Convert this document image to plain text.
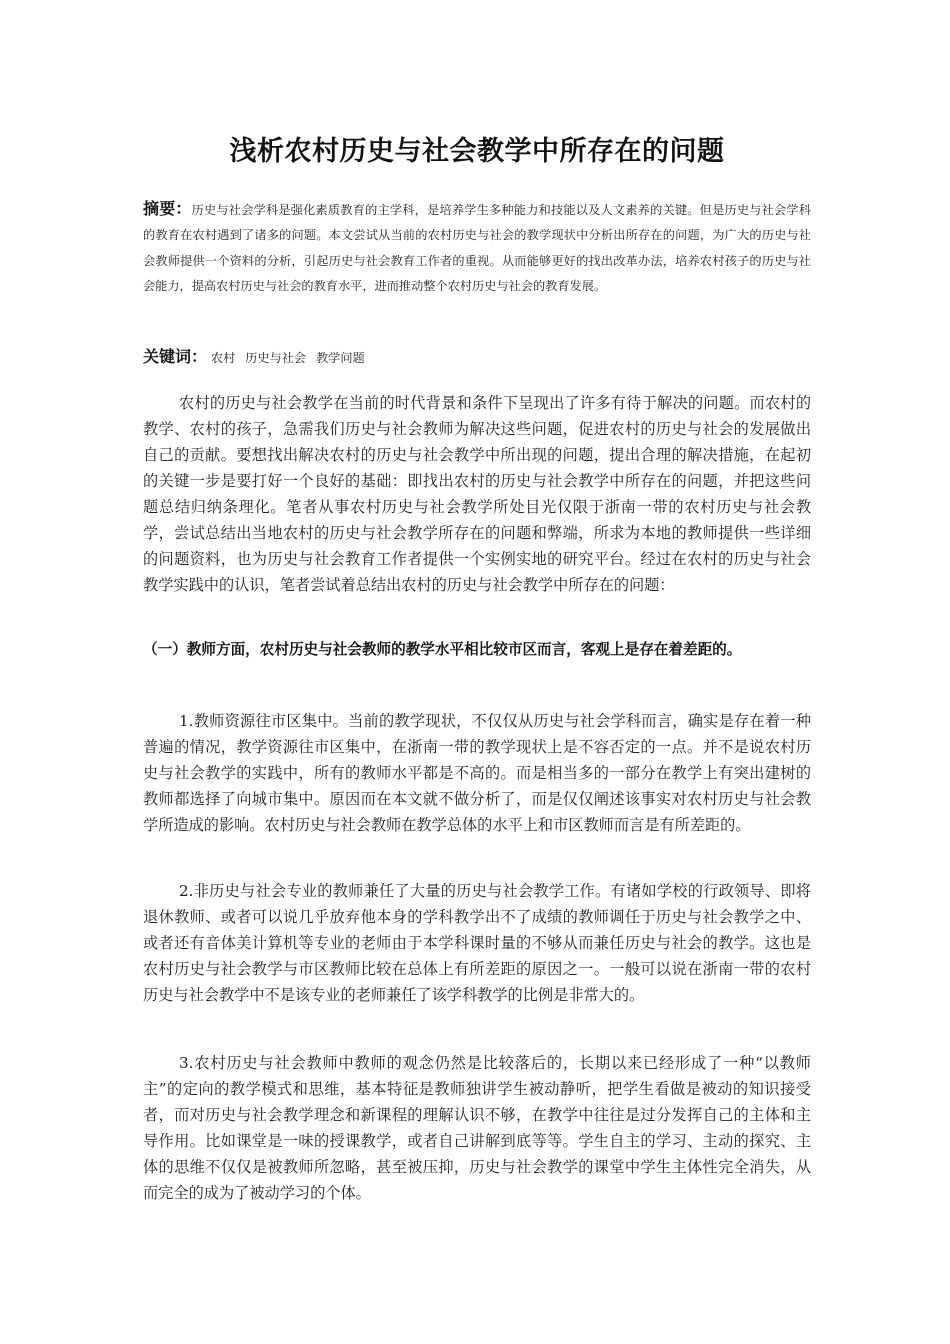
浅析农村历史与社会教学中所存在的问题
摘要：历史与社会学科是强化素质教育的主学科，是培养学生多种能力和技能以及人文素养的关键。但是历史与社会学科的教育在农村遇到了诸多的问题。本文尝试从当前的农村历史与社会的教学现状中分析出所存在的问题，为广大的历史与社会教师提供一个资料的分析，引起历史与社会教育工作者的重视。从而能够更好的找出改革办法，培养农村孩子的历史与社会能力，提高农村历史与社会的教育水平，进而推动整个农村历史与社会的教育发展。
关键词： 农村 历史与社会 教学问题
农村的历史与社会教学在当前的时代背景和条件下呈现出了许多有待于解决的问题。而农村的教学、农村的孩子，急需我们历史与社会教师为解决这些问题，促进农村的历史与社会的发展做出自己的贡献。要想找出解决农村的历史与社会教学中所出现的问题，提出合理的解决措施，在起初的关键一步是要打好一个良好的基础：即找出农村的历史与社会教学中所存在的问题，并把这些问题总结归纳条理化。笔者从事农村历史与社会教学所处目光仅限于浙南一带的农村历史与社会教学，尝试总结出当地农村的历史与社会教学所存在的问题和弊端，所求为本地的教师提供一些详细的问题资料，也为历史与社会教育工作者提供一个实例实地的研究平台。经过在农村的历史与社会教学实践中的认识，笔者尝试着总结出农村的历史与社会教学中所存在的问题：
（一）教师方面，农村历史与社会教师的教学水平相比较市区而言，客观上是存在着差距的。
1.教师资源往市区集中。当前的教学现状，不仅仅从历史与社会学科而言，确实是存在着一种普遍的情况，教学资源往市区集中，在浙南一带的教学现状上是不容否定的一点。并不是说农村历史与社会教学的实践中，所有的教师水平都是不高的。而是相当多的一部分在教学上有突出建树的教师都选择了向城市集中。原因而在本文就不做分析了，而是仅仅阐述该事实对农村历史与社会教学所造成的影响。农村历史与社会教师在教学总体的水平上和市区教师而言是有所差距的。
2.非历史与社会专业的教师兼任了大量的历史与社会教学工作。有诸如学校的行政领导、即将退休教师、或者可以说几乎放弃他本身的学科教学出不了成绩的教师调任于历史与社会教学之中、或者还有音体美计算机等专业的老师由于本学科课时量的不够从而兼任历史与社会的教学。这也是农村历史与社会教学与市区教师比较在总体上有所差距的原因之一。一般可以说在浙南一带的农村历史与社会教学中不是该专业的老师兼任了该学科教学的比例是非常大的。
3.农村历史与社会教师中教师的观念仍然是比较落后的，长期以来已经形成了一种“以教师主”的定向的教学模式和思维，基本特征是教师独讲学生被动静听，把学生看做是被动的知识接受者，而对历史与社会教学理念和新课程的理解认识不够，在教学中往往是过分发挥自己的主体和主导作用。比如课堂是一味的授课教学，或者自己讲解到底等等。学生自主的学习、主动的探究、主体的思维不仅仅是被教师所忽略，甚至被压抑，历史与社会教学的课堂中学生主体性完全消失，从而完全的成为了被动学习的个体。
